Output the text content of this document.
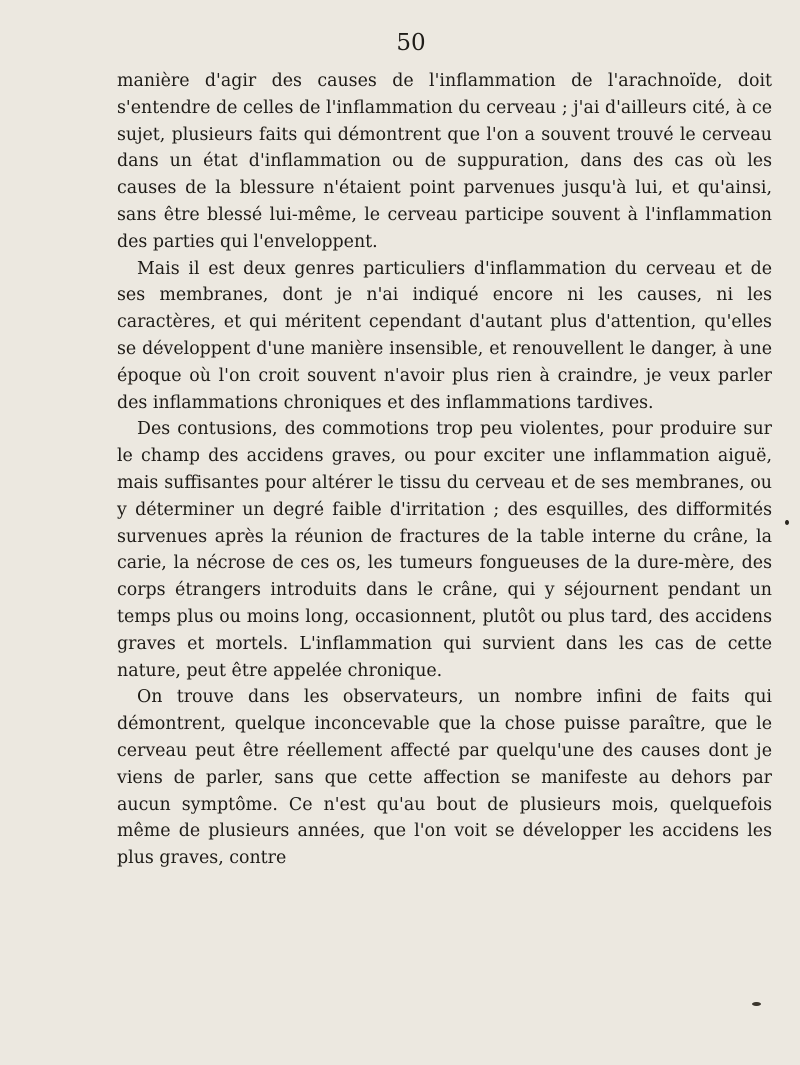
50

manière d'agir des causes de l'inflammation de l'arachnoïde, doit s'entendre de celles de l'inflammation du cerveau ; j'ai d'ailleurs cité, à ce sujet, plusieurs faits qui démontrent que l'on a souvent trouvé le cerveau dans un état d'inflammation ou de suppuration, dans des cas où les causes de la blessure n'étaient point parvenues jusqu'à lui, et qu'ainsi, sans être blessé lui-même, le cerveau participe souvent à l'inflammation des parties qui l'enveloppent.

Mais il est deux genres particuliers d'inflammation du cerveau et de ses membranes, dont je n'ai indiqué encore ni les causes, ni les caractères, et qui méritent cependant d'autant plus d'attention, qu'elles se développent d'une manière insensible, et renouvellent le danger, à une époque où l'on croit souvent n'avoir plus rien à craindre, je veux parler des inflammations chroniques et des inflammations tardives.

Des contusions, des commotions trop peu violentes, pour produire sur le champ des accidens graves, ou pour exciter une inflammation aiguë, mais suffisantes pour altérer le tissu du cerveau et de ses membranes, ou y déterminer un degré faible d'irritation ; des esquilles, des difformités survenues après la réunion de fractures de la table interne du crâne, la carie, la nécrose de ces os, les tumeurs fongueuses de la dure-mère, des corps étrangers introduits dans le crâne, qui y séjournent pendant un temps plus ou moins long, occasionnent, plutôt ou plus tard, des accidens graves et mortels. L'inflammation qui survient dans les cas de cette nature, peut être appelée chronique.

On trouve dans les observateurs, un nombre infini de faits qui démontrent, quelque inconcevable que la chose puisse paraître, que le cerveau peut être réellement affecté par quelqu'une des causes dont je viens de parler, sans que cette affection se manifeste au dehors par aucun symptôme. Ce n'est qu'au bout de plusieurs mois, quelquefois même de plusieurs années, que l'on voit se développer les accidens les plus graves, contre
